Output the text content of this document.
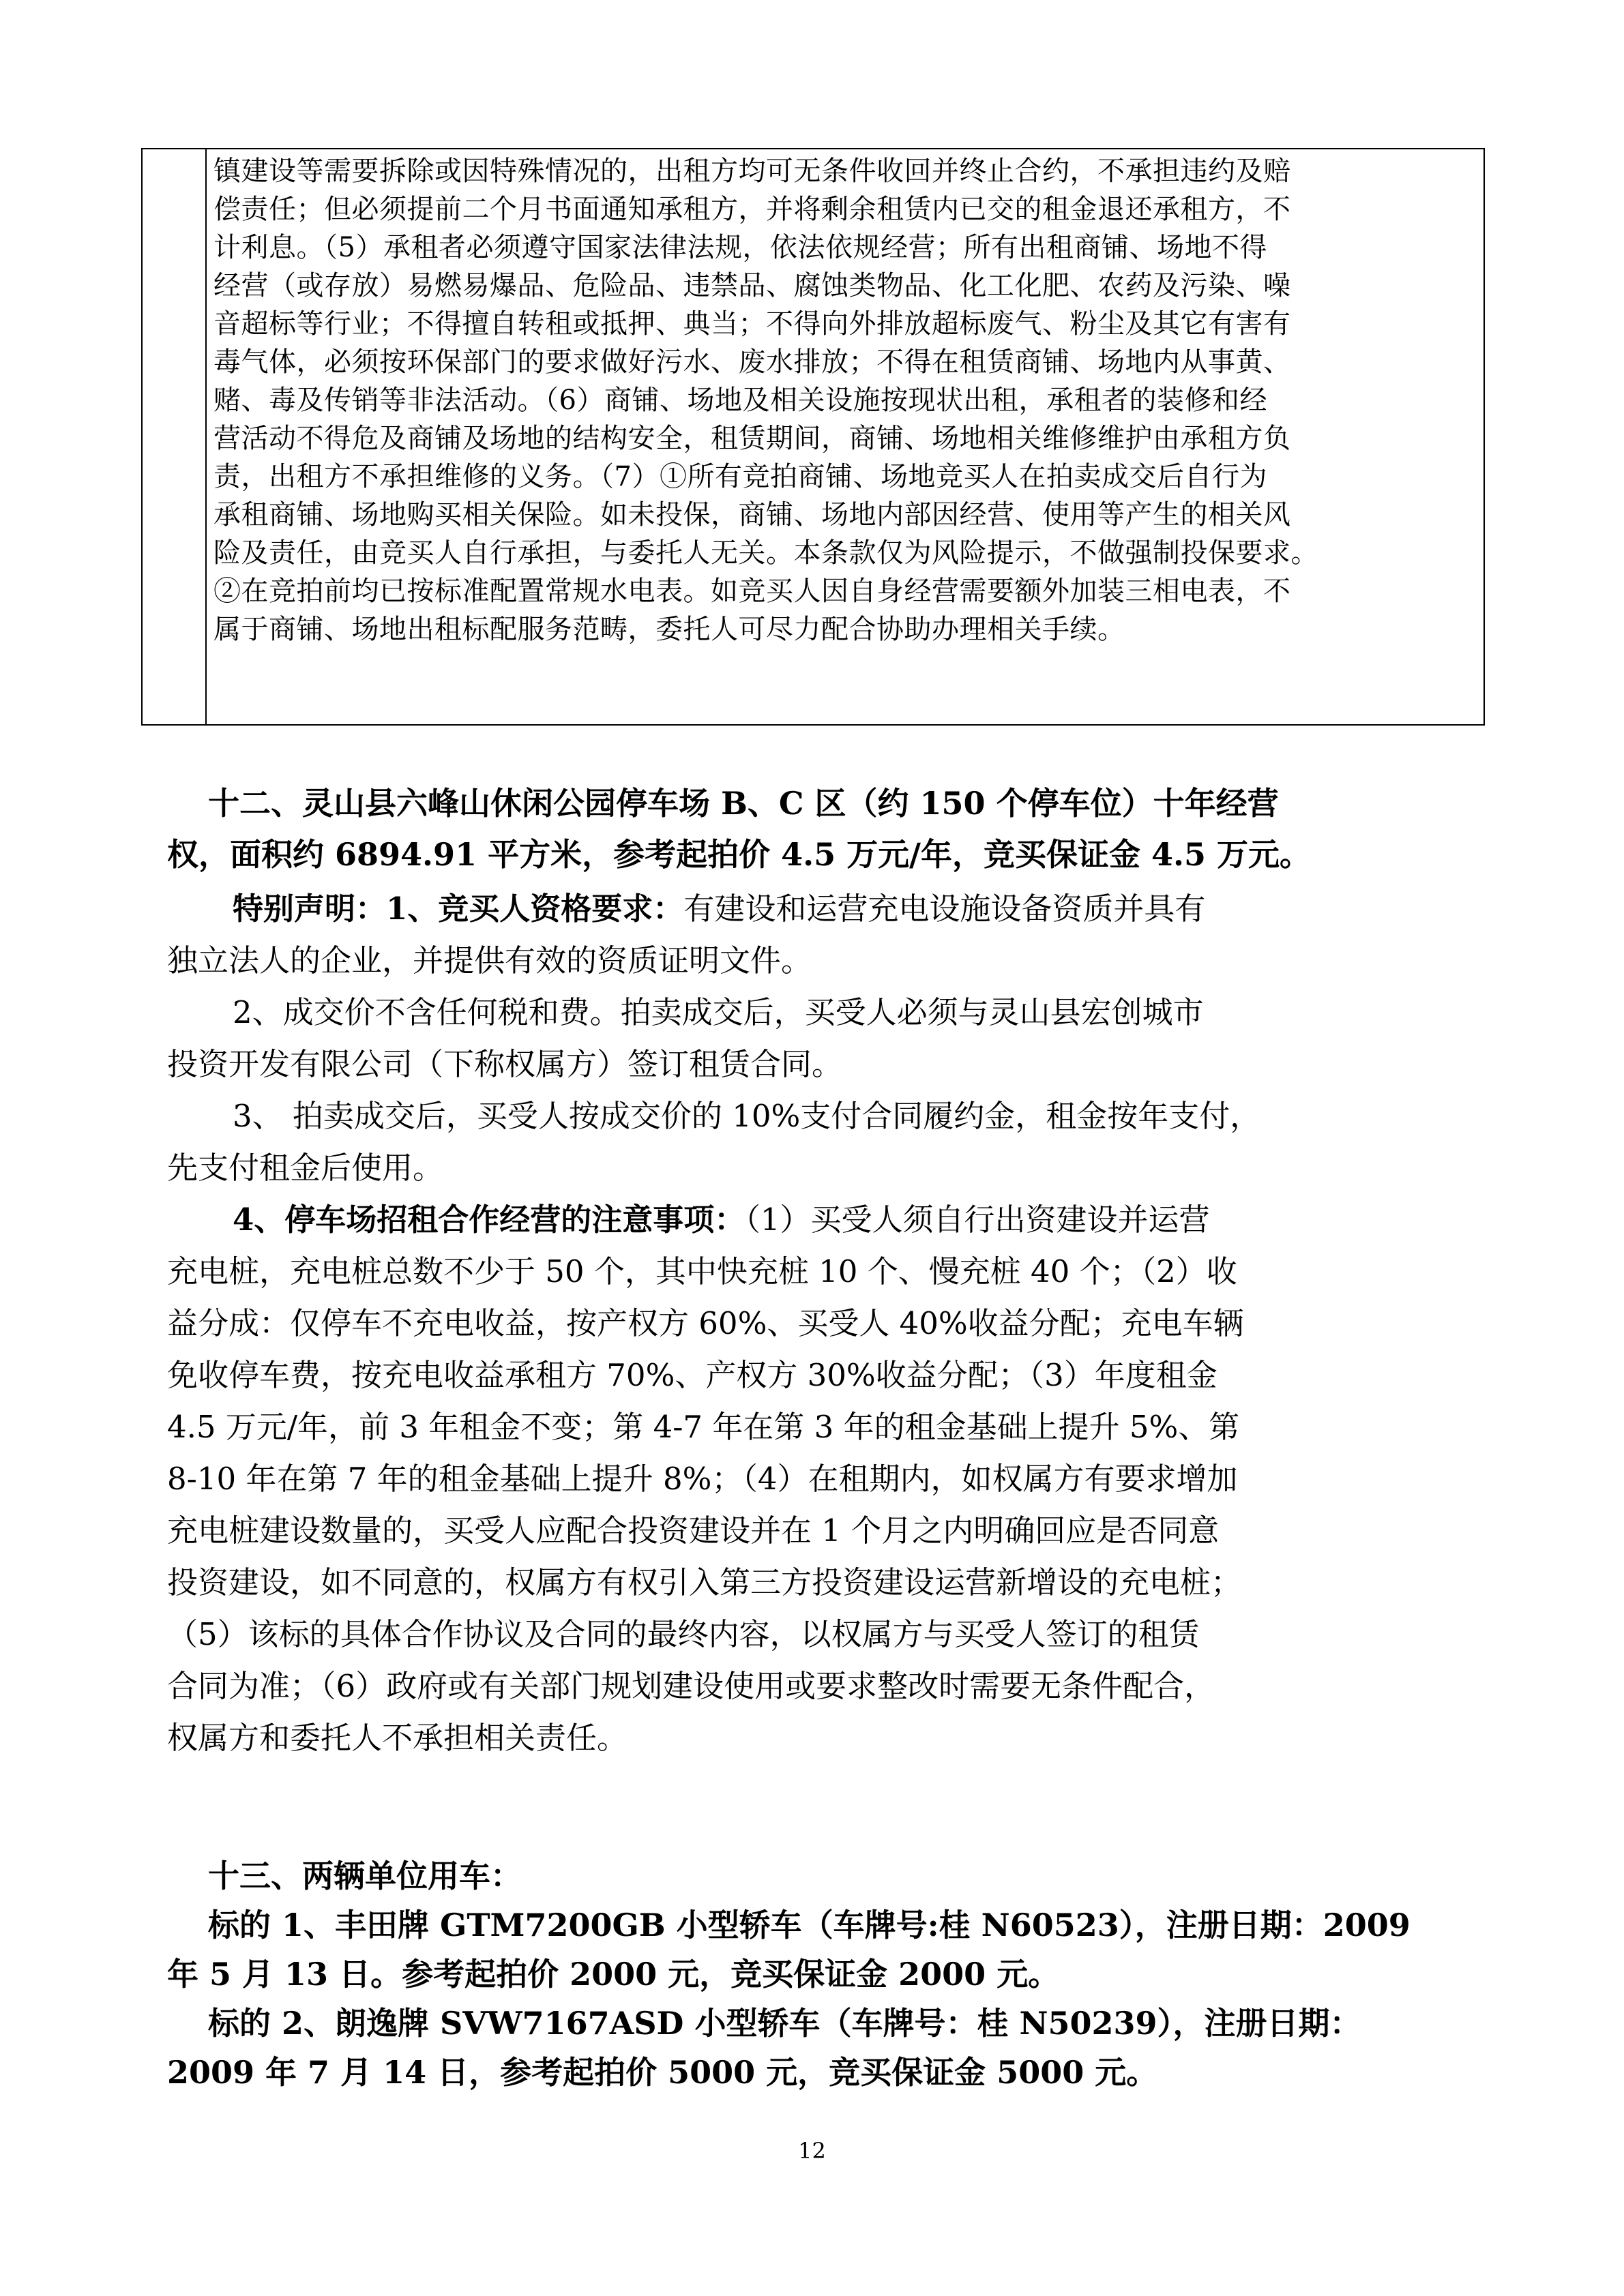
镇建设等需要拆除或因特殊情况的，出租方均可无条件收回并终止合约，不承担违约及赔
偿责任；但必须提前二个月书面通知承租方，并将剩余租赁内已交的租金退还承租方，不
计利息。（5）承租者必须遵守国家法律法规，依法依规经营；所有出租商铺、场地不得
经营（或存放）易燃易爆品、危险品、违禁品、腐蚀类物品、化工化肥、农药及污染、噪
音超标等行业；不得擅自转租或抵押、典当；不得向外排放超标废气、粉尘及其它有害有
毒气体，必须按环保部门的要求做好污水、废水排放；不得在租赁商铺、场地内从事黄、
赌、毒及传销等非法活动。（6）商铺、场地及相关设施按现状出租，承租者的装修和经
营活动不得危及商铺及场地的结构安全，租赁期间，商铺、场地相关维修维护由承租方负
责，出租方不承担维修的义务。（7）①所有竞拍商铺、场地竞买人在拍卖成交后自行为
承租商铺、场地购买相关保险。如未投保，商铺、场地内部因经营、使用等产生的相关风
险及责任，由竞买人自行承担，与委托人无关。本条款仅为风险提示，不做强制投保要求。
②在竞拍前均已按标准配置常规水电表。如竞买人因自身经营需要额外加装三相电表，不
属于商铺、场地出租标配服务范畴，委托人可尽力配合协助办理相关手续。
十二、灵山县六峰山休闲公园停车场 B、C 区（约 150 个停车位）十年经营
权，面积约 6894.91 平方米，参考起拍价 4.5 万元/年，竞买保证金 4.5 万元。
特别声明：1、竞买人资格要求：有建设和运营充电设施设备资质并具有
独立法人的企业，并提供有效的资质证明文件。
2、成交价不含任何税和费。拍卖成交后，买受人必须与灵山县宏创城市
投资开发有限公司（下称权属方）签订租赁合同。
3、 拍卖成交后，买受人按成交价的 10%支付合同履约金，租金按年支付，
先支付租金后使用。
4、停车场招租合作经营的注意事项：（1）买受人须自行出资建设并运营
充电桩，充电桩总数不少于 50 个，其中快充桩 10 个、慢充桩 40 个；（2）收
益分成：仅停车不充电收益，按产权方 60%、买受人 40%收益分配；充电车辆
免收停车费，按充电收益承租方 70%、产权方 30%收益分配；（3）年度租金
4.5 万元/年，前 3 年租金不变；第 4-7 年在第 3 年的租金基础上提升 5%、第
8-10 年在第 7 年的租金基础上提升 8%；（4）在租期内，如权属方有要求增加
充电桩建设数量的，买受人应配合投资建设并在 1 个月之内明确回应是否同意
投资建设，如不同意的，权属方有权引入第三方投资建设运营新增设的充电桩；
（5）该标的具体合作协议及合同的最终内容，以权属方与买受人签订的租赁
合同为准；（6）政府或有关部门规划建设使用或要求整改时需要无条件配合，
权属方和委托人不承担相关责任。
十三、两辆单位用车：
标的 1、丰田牌 GTM7200GB 小型轿车（车牌号:桂 N60523），注册日期：2009
年 5 月 13 日。参考起拍价 2000 元，竞买保证金 2000 元。
标的 2、朗逸牌 SVW7167ASD 小型轿车（车牌号：桂 N50239），注册日期：
2009 年 7 月 14 日，参考起拍价 5000 元，竞买保证金 5000 元。
12
